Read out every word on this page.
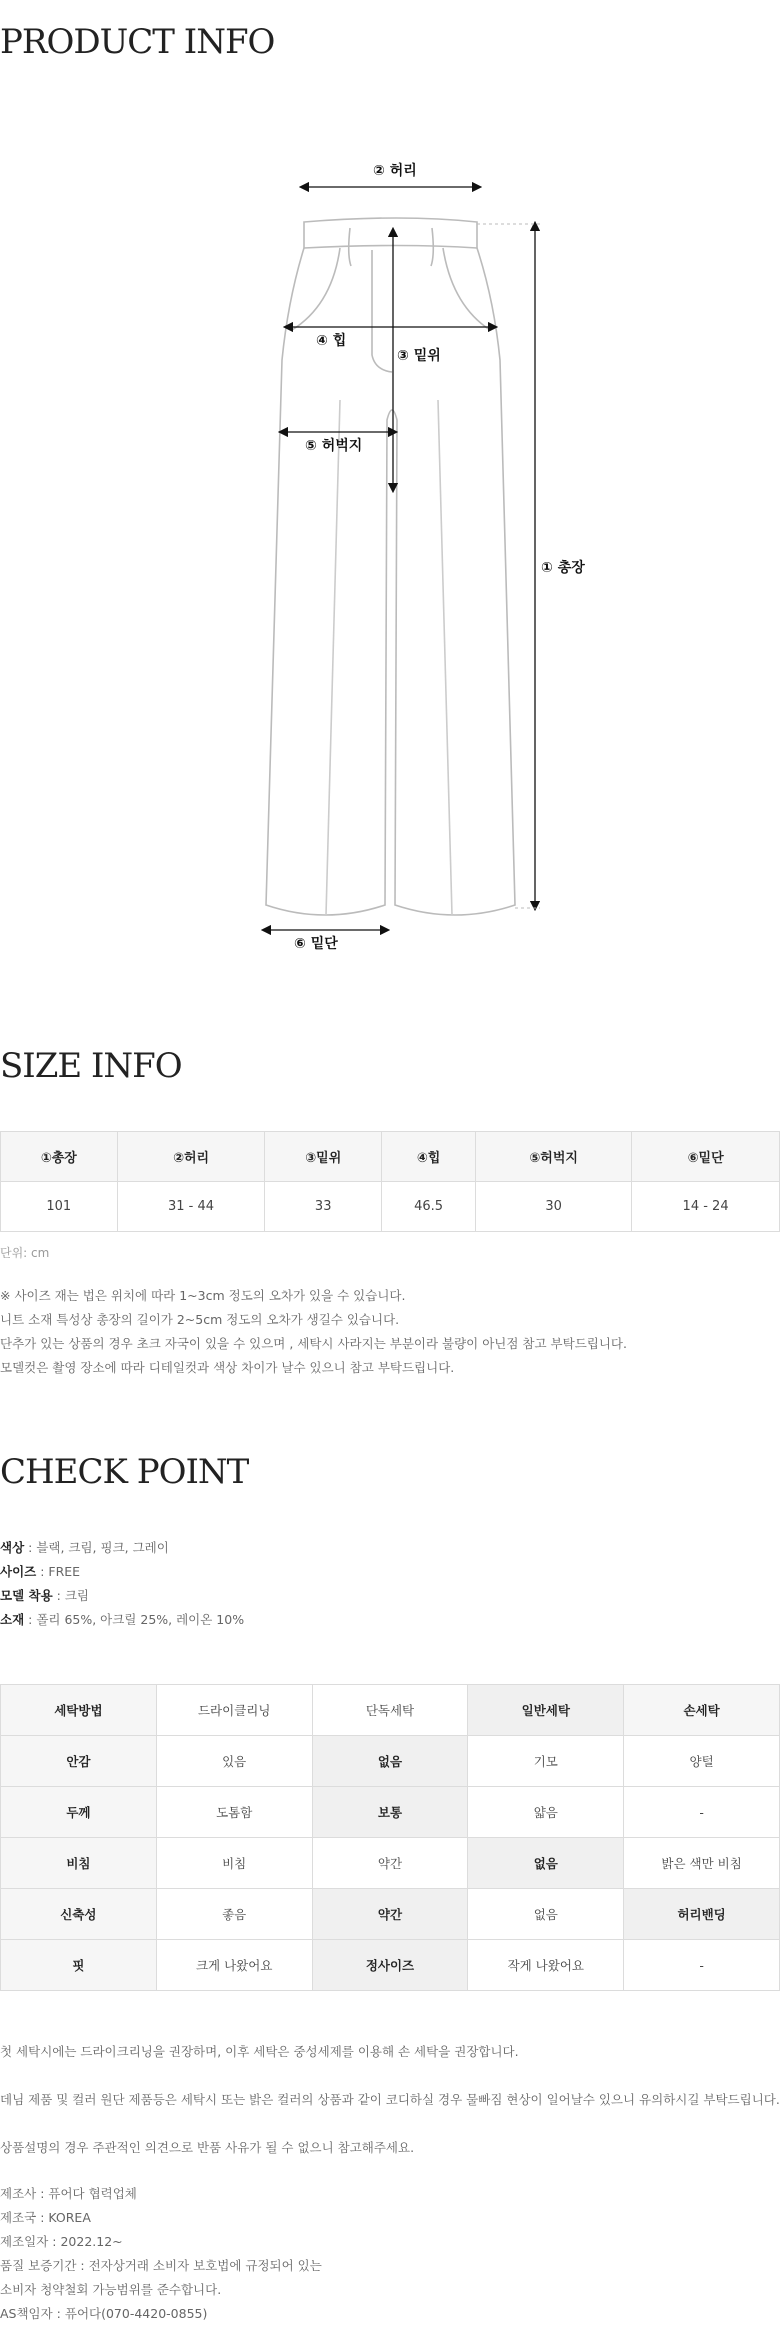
PRODUCT INFO
② 허리
④ 힙
③ 밑위
⑤ 허벅지
① 총장
⑥ 밑단
SIZE INFO
①총장	②허리	③밑위	④힙	⑤허벅지	⑥밑단
101	31 - 44	33	46.5	30	14 - 24
단위: cm

※ 사이즈 재는 법은 위치에 따라 1~3cm 정도의 오차가 있을 수 있습니다.

니트 소재 특성상 총장의 길이가 2~5cm 정도의 오차가 생길수 있습니다.

단추가 있는 상품의 경우 초크 자국이 있을 수 있으며 , 세탁시 사라지는 부분이라 불량이 아닌점 참고 부탁드립니다.

모델컷은 촬영 장소에 따라 디테일컷과 색상 차이가 날수 있으니 참고 부탁드립니다.

CHECK POINT

색상 : 블랙, 크림, 핑크, 그레이

사이즈 : FREE

모델 착용 : 크림

소재 : 폴리 65%, 아크릴 25%, 레이온 10%

세탁방법	드라이클리닝	단독세탁	일반세탁	손세탁
안감	있음	없음	기모	양털
두께	도톰함	보통	얇음	-
비침	비침	약간	없음	밝은 색만 비침
신축성	좋음	약간	없음	허리밴딩
핏	크게 나왔어요	정사이즈	작게 나왔어요	-

첫 세탁시에는 드라이크리닝을 권장하며, 이후 세탁은 중성세제를 이용해 손 세탁을 권장합니다.

데님 제품 및 컬러 원단 제품등은 세탁시 또는 밝은 컬러의 상품과 같이 코디하실 경우 물빠짐 현상이 일어날수 있으니 유의하시길 부탁드립니다.

상품설명의 경우 주관적인 의견으로 반품 사유가 될 수 없으니 참고해주세요.

제조사 : 퓨어다 협력업체

제조국 : KOREA

제조일자 : 2022.12~

품질 보증기간 : 전자상거래 소비자 보호법에 규정되어 있는

소비자 청약철회 가능범위를 준수합니다.

AS책임자 : 퓨어다(070-4420-0855)
